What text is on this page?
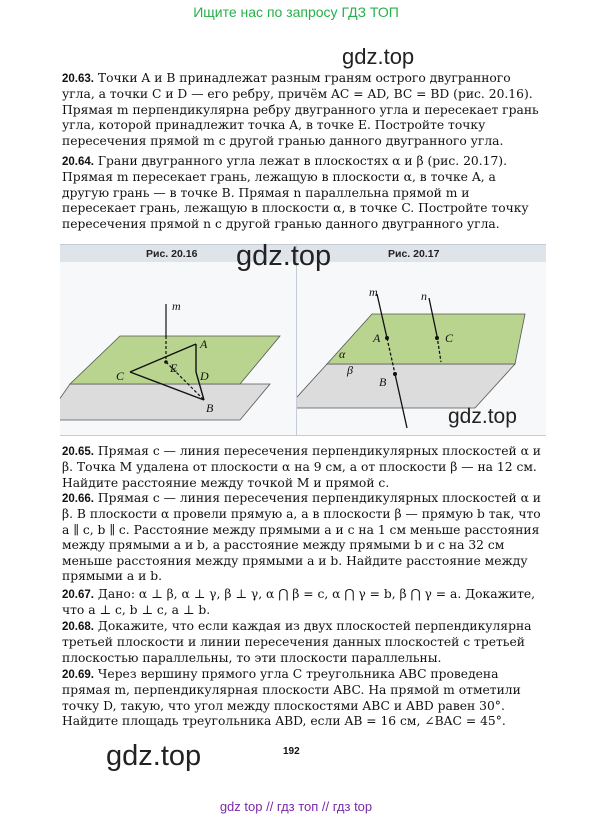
Ищите нас по запросу ГДЗ ТОП
gdz.top
20.63. Точки A и B принадлежат разным граням острого двугранного угла, а точки C и D — его ребру, причём AC = AD, BC = BD (рис. 20.16). Прямая m перпендикулярна ребру двугранного угла и пересекает грань угла, которой принадлежит точка A, в точке E. Постройте точку пересечения прямой m с другой гранью данного двугранного угла.
20.64. Грани двугранного угла лежат в плоскостях α и β (рис. 20.17). Прямая m пересекает грань, лежащую в плоскости α, в точке A, а другую грань — в точке B. Прямая n параллельна прямой m и пересекает грань, лежащую в плоскости α, в точке C. Постройте точку пересечения прямой n с другой гранью данного двугранного угла.
Рис. 20.16	Рис. 20.17
m
A
E
C	D
B
m	n
A	C
α
β
B
gdz.top
gdz.top
20.65. Прямая c — линия пересечения перпендикулярных плоскостей α и β. Точка M удалена от плоскости α на 9 см, а от плоскости β — на 12 см. Найдите расстояние между точкой M и прямой c.
20.66. Прямая c — линия пересечения перпендикулярных плоскостей α и β. В плоскости α провели прямую a, а в плоскости β — прямую b так, что a ∥ c, b ∥ c. Расстояние между прямыми a и c на 1 см меньше расстояния между прямыми a и b, а расстояние между прямыми b и c на 32 см меньше расстояния между прямыми a и b. Найдите расстояние между прямыми a и b.
20.67. Дано: α ⊥ β, α ⊥ γ, β ⊥ γ, α ⋂ β = c, α ⋂ γ = b, β ⋂ γ = a. Докажите, что a ⊥ c, b ⊥ c, a ⊥ b.
20.68. Докажите, что если каждая из двух плоскостей перпендикулярна третьей плоскости и линии пересечения данных плоскостей с третьей плоскостью параллельны, то эти плоскости параллельны.
20.69. Через вершину прямого угла C треугольника ABC проведена прямая m, перпендикулярная плоскости ABC. На прямой m отметили точку D, такую, что угол между плоскостями ABC и ABD равен 30°. Найдите площадь треугольника ABD, если AB = 16 см, ∠BAC = 45°.
gdz.top	192
gdz top // гдз топ // гдз top
